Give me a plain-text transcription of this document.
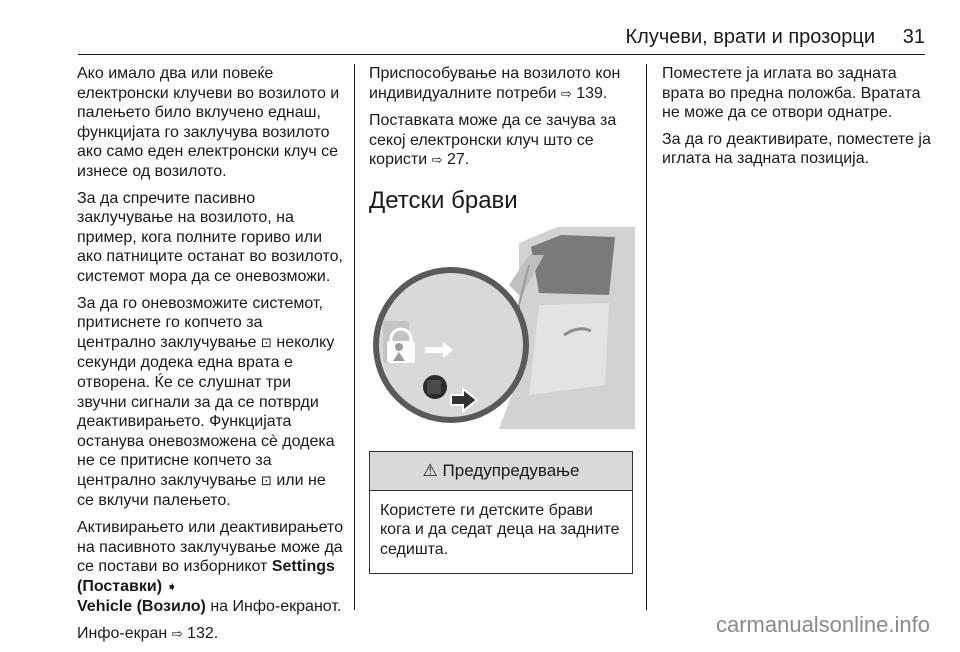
Клучеви, врати и прозорци 31

Ако имало два или повеќе електронски клучеви во возилото и палењето било вклучено еднаш, функцијата го заклучува возилото ако само еден електронски клуч се изнесе од возилото.

За да спречите пасивно заклучување на возилото, на пример, кога полните гориво или ако патниците останат во возилото, системот мора да се оневозможи.

За да го оневозможите системот, притиснете го копчето за централно заклучување ⊡ неколку секунди додека една врата е отворена. Ќе се слушнат три звучни сигнали за да се потврди деактивирањето. Функцијата останува оневозможена сè додека не се притисне копчето за централно заклучување ⊡ или не се вклучи палењето.

Активирањето или деактивирањето на пасивното заклучување може да се постави во изборникот Settings (Поставки) ➧
Vehicle (Возило) на Инфо-екранот.

Инфо-екран ⇨ 132.

Приспособување на возилото кон индивидуалните потреби ⇨ 139.

Поставката може да се зачува за секој електронски клуч што се користи ⇨ 27.

Детски брави
⚠ Предупредување
Користете ги детските брави кога и да седат деца на задните седишта.

Поместете ја иглата во задната врата во предна положба. Вратата не може да се отвори однатре.

За да го деактивирате, поместете ја иглата на задната позиција.

carmanualsonline.info
